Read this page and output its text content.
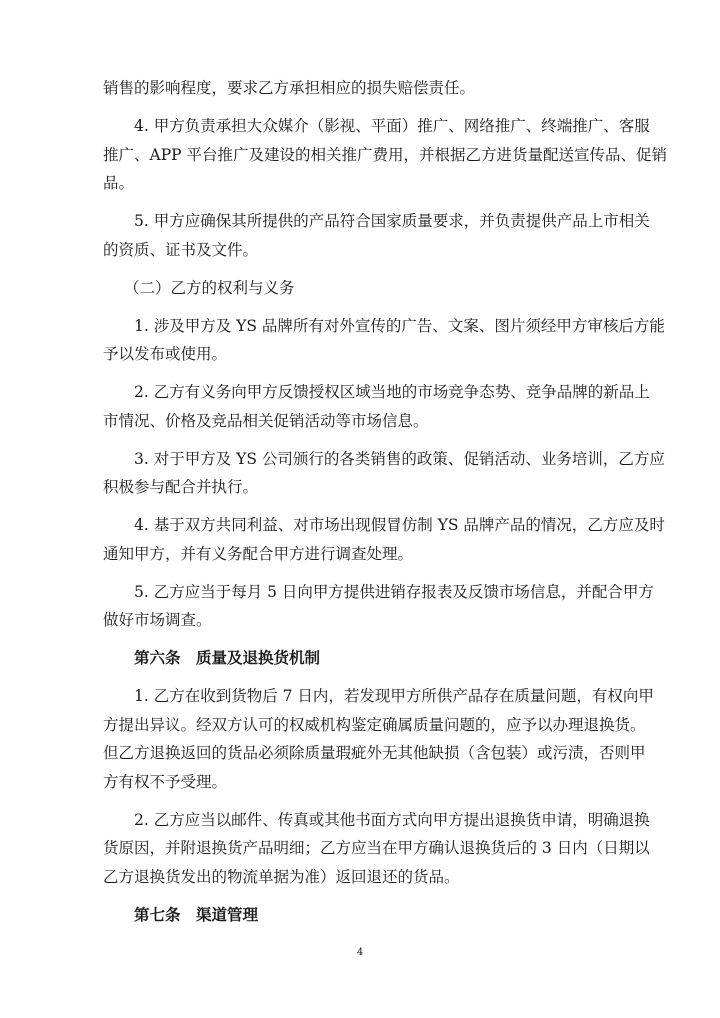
销售的影响程度，要求乙方承担相应的损失赔偿责任。
4. 甲方负责承担大众媒介（影视、平面）推广、网络推广、终端推广、客服
推广、APP 平台推广及建设的相关推广费用，并根据乙方进货量配送宣传品、促销
品。
5. 甲方应确保其所提供的产品符合国家质量要求，并负责提供产品上市相关
的资质、证书及文件。
（二）乙方的权利与义务
1. 涉及甲方及 YS 品牌所有对外宣传的广告、文案、图片须经甲方审核后方能
予以发布或使用。
2. 乙方有义务向甲方反馈授权区域当地的市场竞争态势、竞争品牌的新品上
市情况、价格及竞品相关促销活动等市场信息。
3. 对于甲方及 YS 公司颁行的各类销售的政策、促销活动、业务培训，乙方应
积极参与配合并执行。
4. 基于双方共同利益、对市场出现假冒仿制 YS 品牌产品的情况，乙方应及时
通知甲方，并有义务配合甲方进行调查处理。
5. 乙方应当于每月 5 日向甲方提供进销存报表及反馈市场信息，并配合甲方
做好市场调查。
第六条　质量及退换货机制
1. 乙方在收到货物后 7 日内，若发现甲方所供产品存在质量问题，有权向甲
方提出异议。经双方认可的权威机构鉴定确属质量问题的，应予以办理退换货。
但乙方退换返回的货品必须除质量瑕疵外无其他缺损（含包装）或污渍，否则甲
方有权不予受理。
2. 乙方应当以邮件、传真或其他书面方式向甲方提出退换货申请，明确退换
货原因，并附退换货产品明细；乙方应当在甲方确认退换货后的 3 日内（日期以
乙方退换货发出的物流单据为准）返回退还的货品。
第七条　渠道管理
4
